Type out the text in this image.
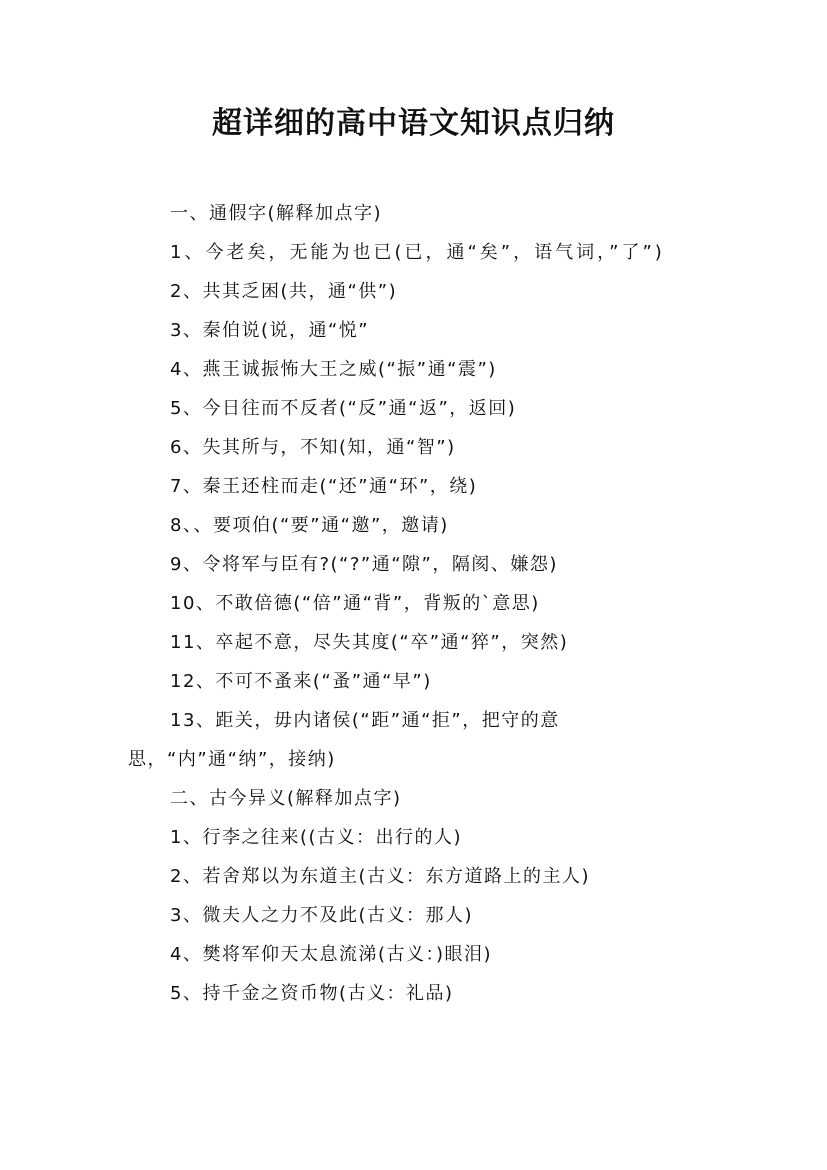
超详细的高中语文知识点归纳

一、通假字(解释加点字)

1、今老矣，无能为也已(已，通“矣”，语气词，”了”)

2、共其乏困(共，通“供”)

3、秦伯说(说，通“悦”

4、燕王诚振怖大王之威(“振”通“震”)

5、今日往而不反者(“反”通“返”，返回)

6、失其所与，不知(知，通“智”)

7、秦王还柱而走(“还”通“环”，绕)

8、、要项伯(“要”通“邀”，邀请)

9、令将军与臣有?(“?”通“隙”，隔阂、嫌怨)

10、不敢倍德(“倍”通“背”，背叛的`意思)

11、卒起不意，尽失其度(“卒”通“猝”，突然)

12、不可不蚤来(“蚤”通“早”)

13、距关，毋内诸侯(“距”通“拒”，把守的意思，“内”通“纳”，接纳)

二、古今异义(解释加点字)

1、行李之往来((古义：出行的人)

2、若舍郑以为东道主(古义：东方道路上的主人)

3、微夫人之力不及此(古义：那人)

4、樊将军仰天太息流涕(古义：)眼泪)

5、持千金之资币物(古义：礼品)
